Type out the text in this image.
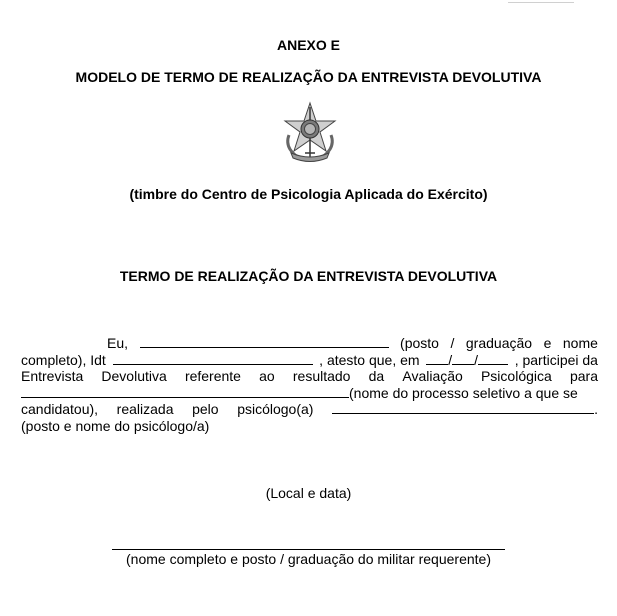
ANEXO E
MODELO DE TERMO DE REALIZAÇÃO DA ENTREVISTA DEVOLUTIVA
(timbre do Centro de Psicologia Aplicada do Exército)
TERMO DE REALIZAÇÃO DA ENTREVISTA DEVOLUTIVA
Eu,	(posto / graduação e nome
completo), Idt	, atesto que, em / /	, participei da
Entrevista Devolutiva referente ao resultado da Avaliação Psicológica para
(nome do processo seletivo a que se
candidatou), realizada pelo psicólogo(a)	.
(posto e nome do psicólogo/a)
(Local e data)
(nome completo e posto / graduação do militar requerente)
